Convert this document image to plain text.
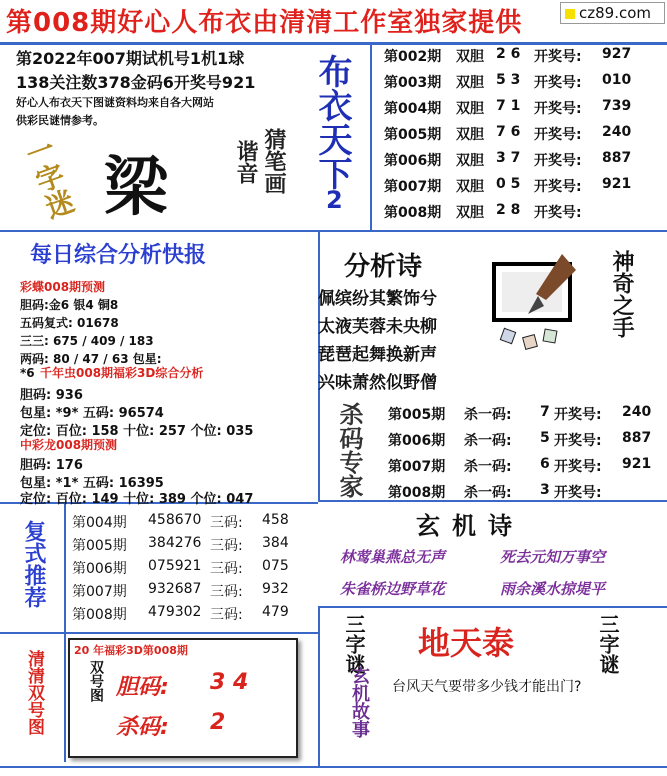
第008期好心人布衣由清清工作室独家提供	cz89.com
第2022年007期试机号1机1球
138关注数378金码6开奖号921
好心人布衣天下图谜资料均来自各大网站
供彩民谜情参考。
一字迷 梁	谐音 猜笔画 布衣天下
2
第002期 双胆 2 6 开奖号: 927
第003期 双胆 5 3 开奖号: 010
第004期 双胆 7 1 开奖号: 739
第005期 双胆 7 6 开奖号: 240
第006期 双胆 3 7 开奖号: 887
第007期 双胆 0 5 开奖号: 921
第008期 双胆 2 8 开奖号:
每日综合分析快报
彩蝶008期预测
胆码:金6 银4 铜8
五码复式: 01678
三三: 675 / 409 / 183
两码: 80 / 47 / 63 包星:
*6 千年虫008期福彩3D综合分析
胆码: 936
包星: *9* 五码: 96574
定位: 百位: 158 十位: 257 个位: 035
中彩龙008期预测
胆码: 176
包星: *1* 五码: 16395
定位: 百位: 149 十位: 389 个位: 047
分析诗
佩缤纷其繁饰兮
太液芙蓉未央柳
琵琶起舞换新声
兴味萧然似野僧
神奇之手
杀码专家 第005期 杀一码: 7 开奖号: 240
第006期 杀一码: 5 开奖号: 887
第007期 杀一码: 6 开奖号: 921
第008期 杀一码: 3 开奖号:
复式推荐 第004期 458670 三码: 458
第005期 384276 三码: 384
第006期 075921 三码: 075
第007期 932687 三码: 932
第008期 479302 三码: 479
玄机诗
林莺巢燕总无声	死去元知万事空
朱雀桥边野草花	雨余溪水掠堤平
清清双号图	20 年福彩3D第008期
双号图 胆码: 3 4
杀码: 2
三字谜	三字谜
地天泰
玄机故事 台风天气要带多少钱才能出门?
